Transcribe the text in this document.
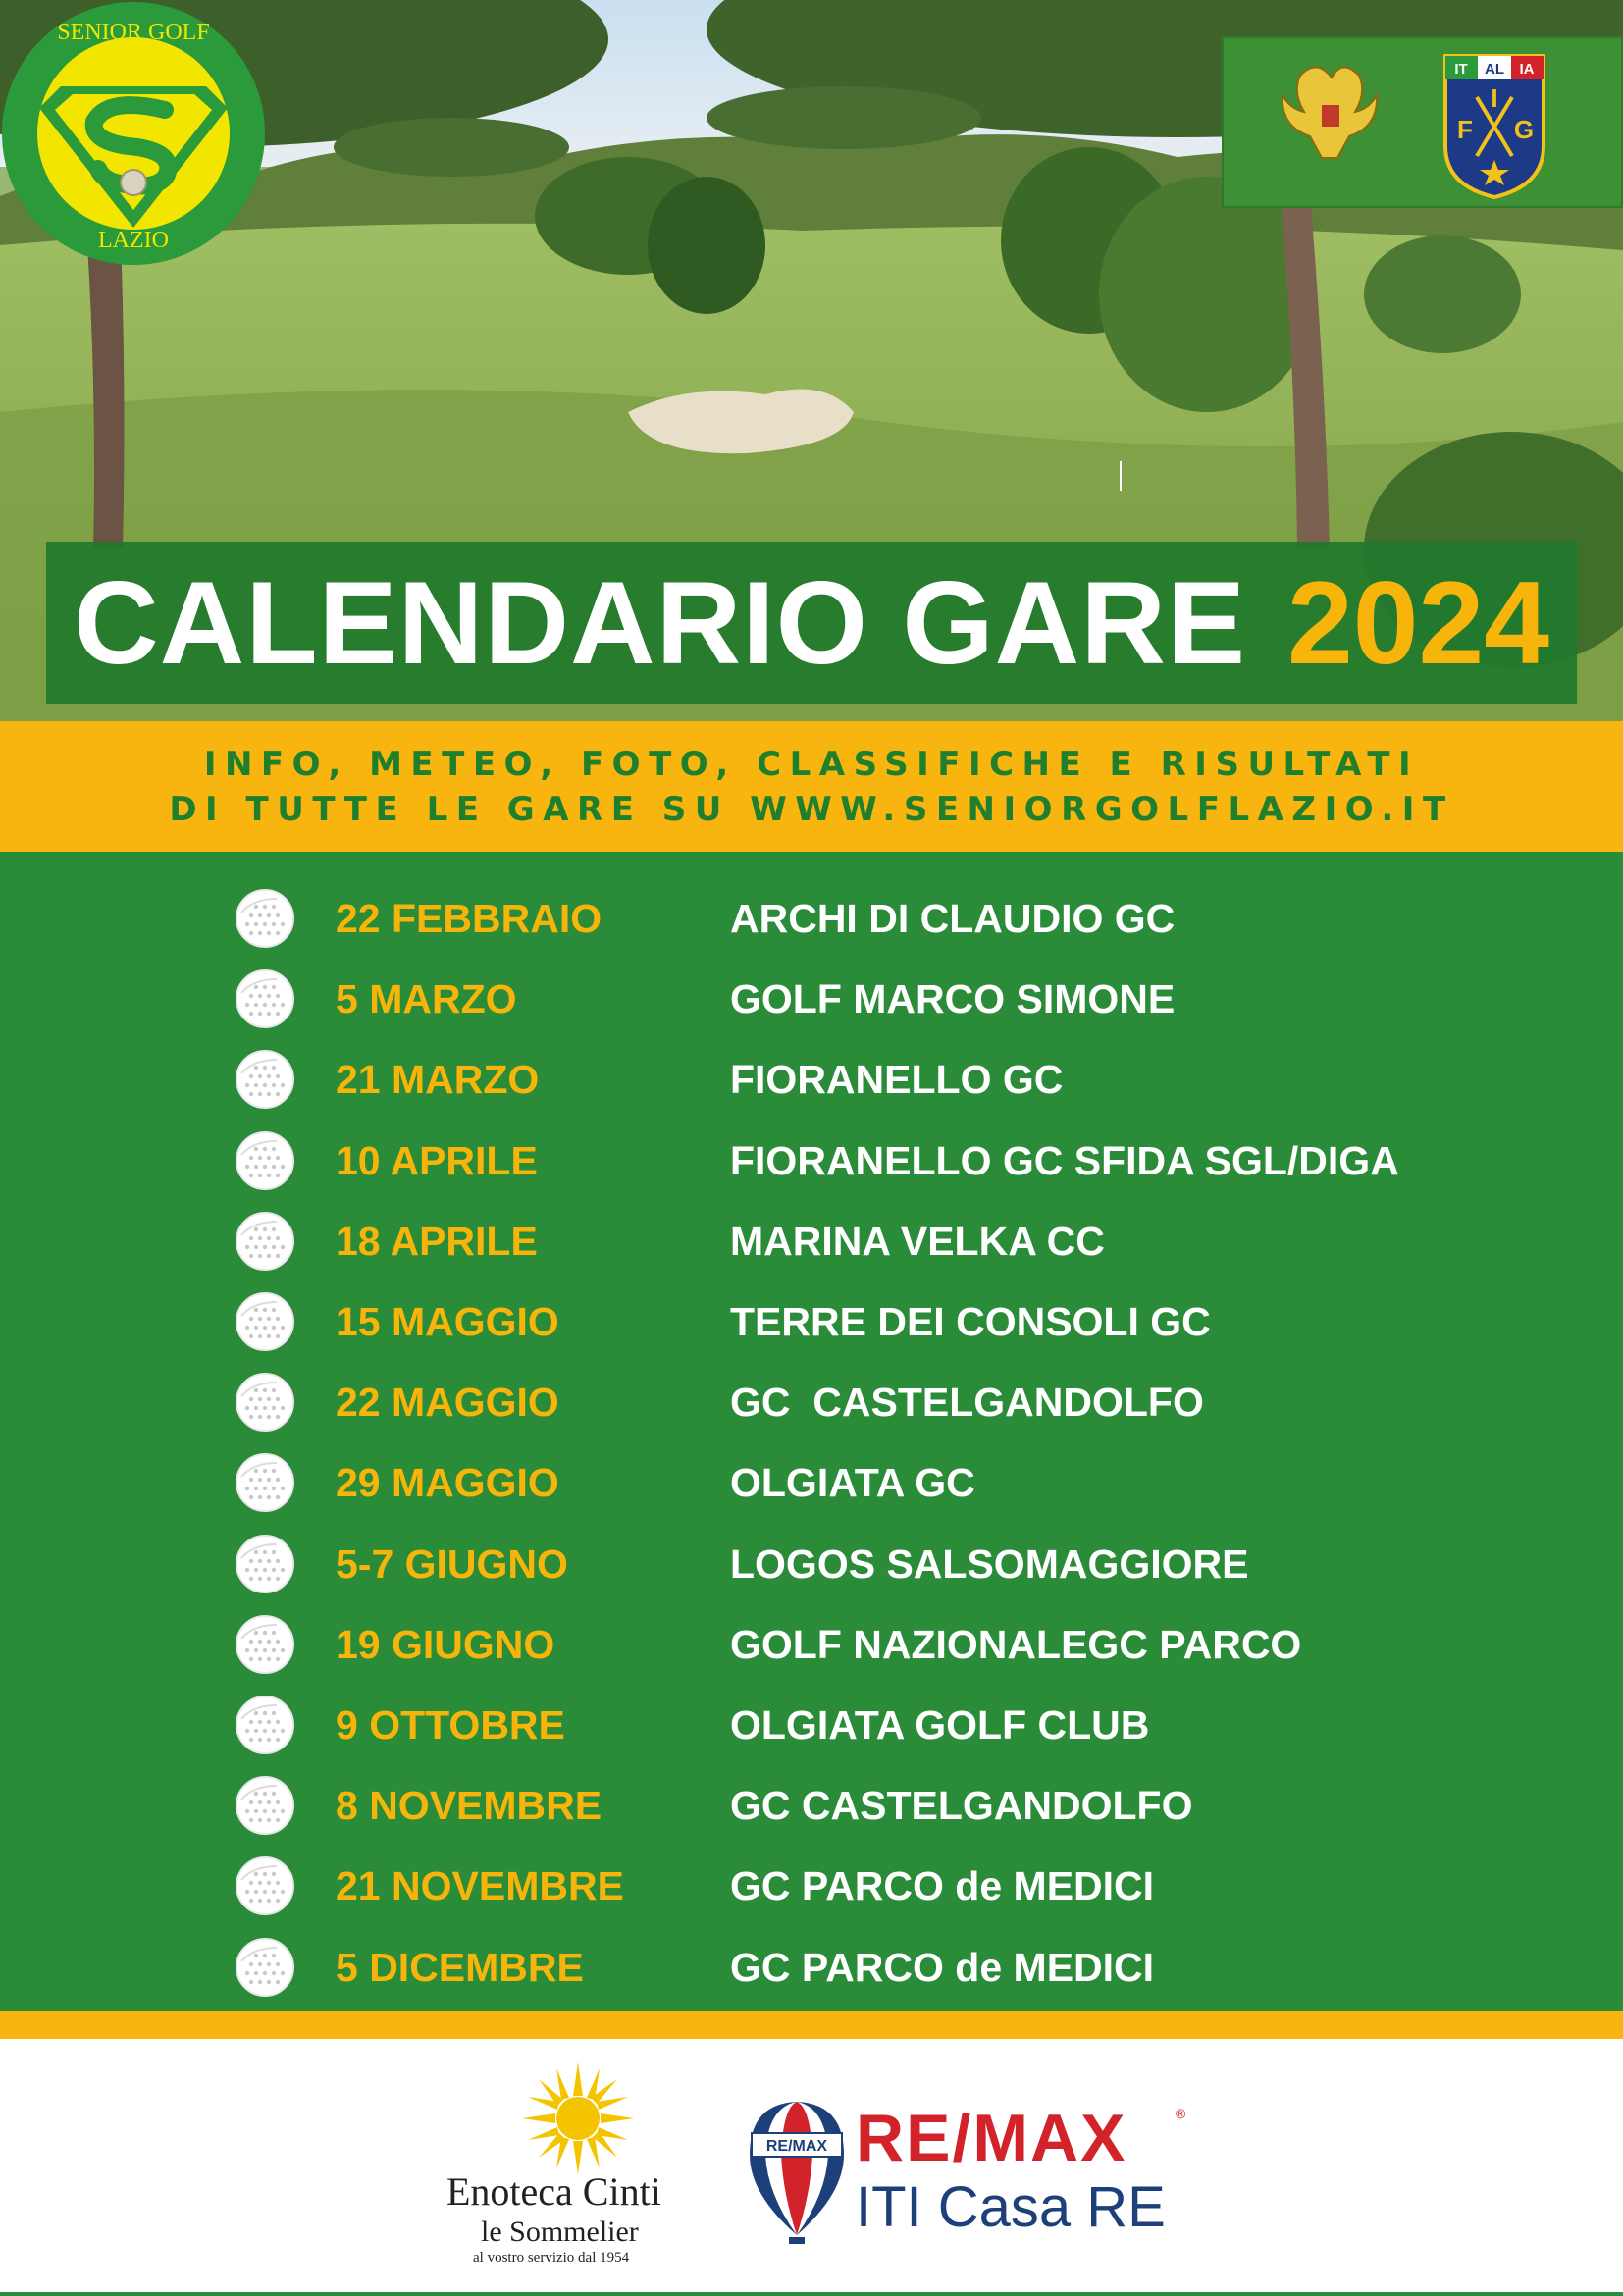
SENIOR GOLF
LAZIO
IT AL IA
I
F G
CALENDARIO GARE 2024
INFO, METEO, FOTO, CLASSIFICHE E RISULTATI
DI TUTTE LE GARE SU WWW.SENIORGOLFLAZIO.IT
22 FEBBRAIO	ARCHI DI CLAUDIO GC
5 MARZO	GOLF MARCO SIMONE
21 MARZO	FIORANELLO GC
10 APRILE	FIORANELLO GC SFIDA SGL/DIGA
18 APRILE	MARINA VELKA CC
15 MAGGIO	TERRE DEI CONSOLI GC
22 MAGGIO	GC  CASTELGANDOLFO
29 MAGGIO	OLGIATA GC
5-7 GIUGNO	LOGOS SALSOMAGGIORE
19 GIUGNO	GOLF NAZIONALEGC PARCO
9 OTTOBRE	OLGIATA GOLF CLUB
8 NOVEMBRE	GC CASTELGANDOLFO
21 NOVEMBRE	GC PARCO de MEDICI
5 DICEMBRE	GC PARCO de MEDICI
Enoteca Cinti
le Sommelier
al vostro servizio dal 1954
RE/MAX RE/MAX	®
ITI Casa RE
